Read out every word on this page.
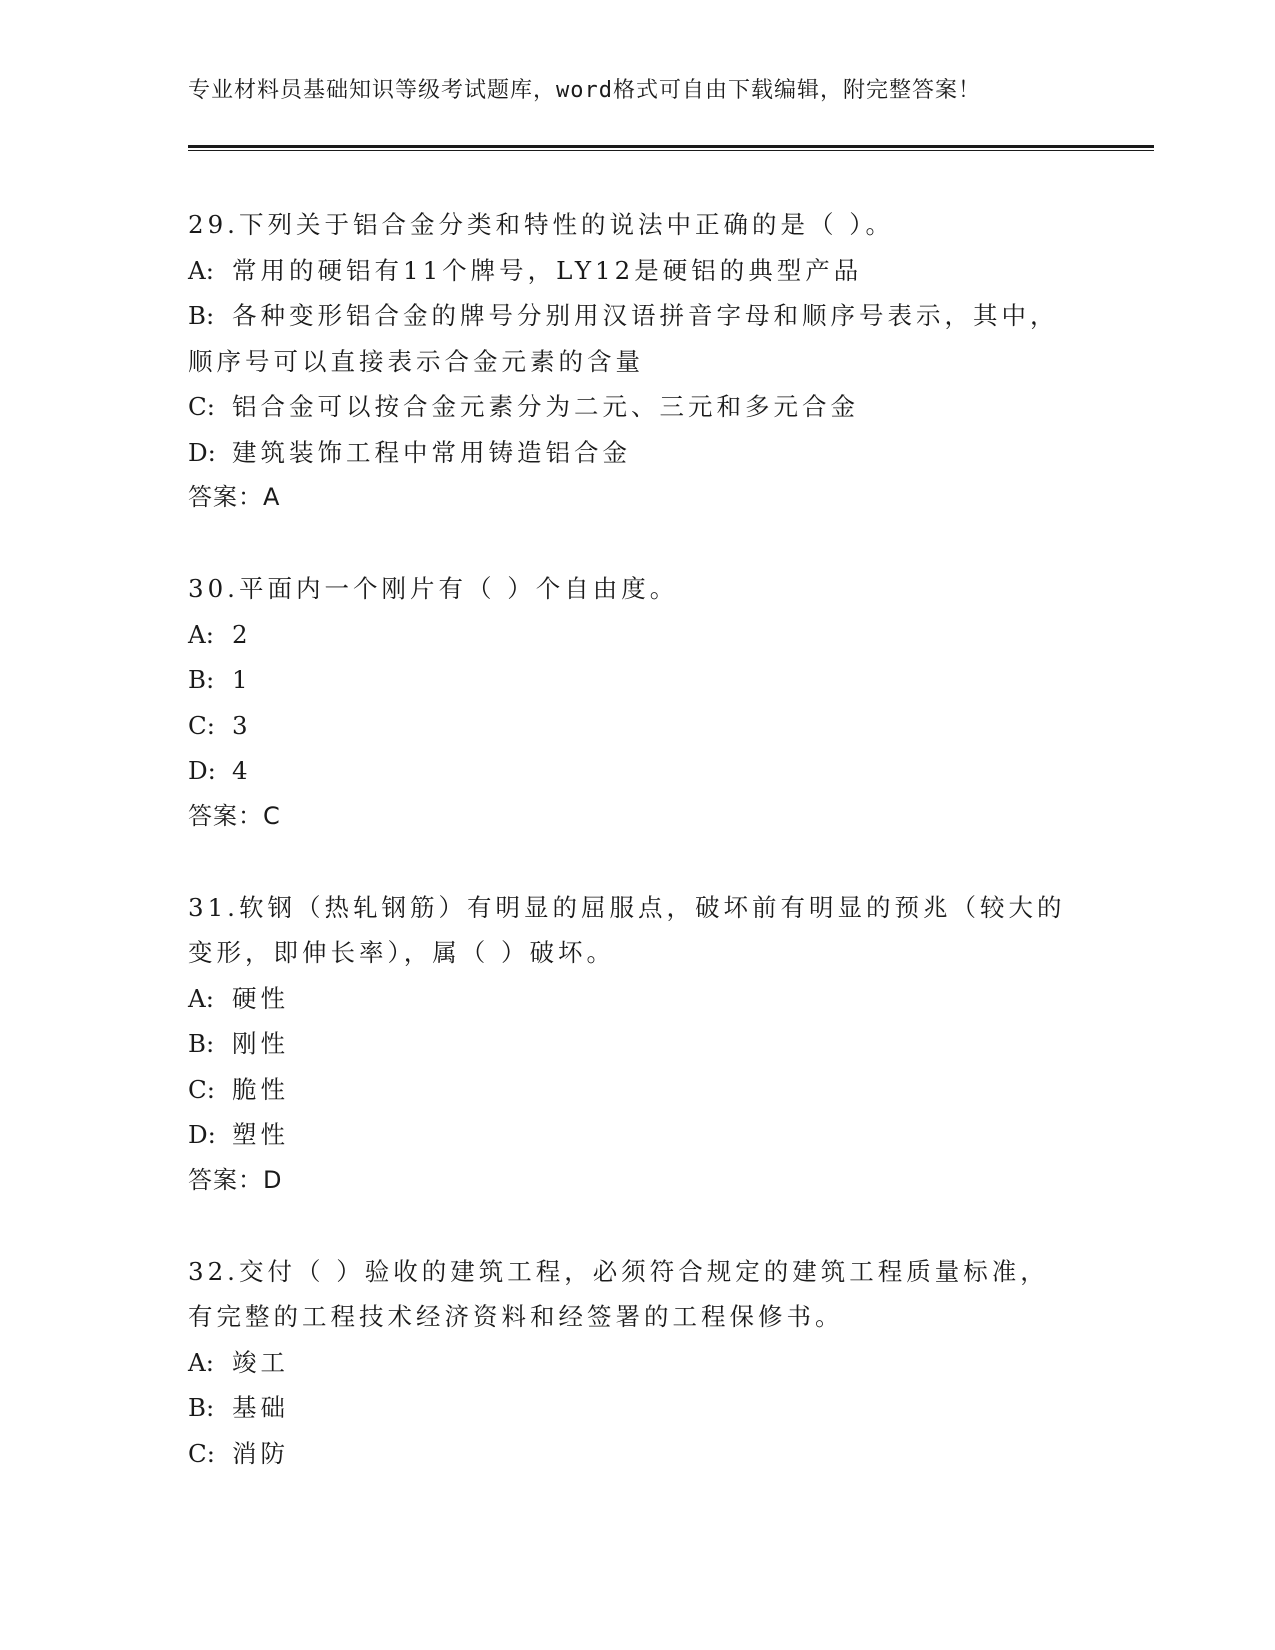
专业材料员基础知识等级考试题库，word格式可自由下载编辑，附完整答案！
29.下列关于铝合金分类和特性的说法中正确的是（ ）。
A: 常用的硬铝有11个牌号，LY12是硬铝的典型产品
B: 各种变形铝合金的牌号分别用汉语拼音字母和顺序号表示，其中，
顺序号可以直接表示合金元素的含量
C: 铝合金可以按合金元素分为二元、三元和多元合金
D: 建筑装饰工程中常用铸造铝合金
答案：A
30.平面内一个刚片有（ ）个自由度。
A: 2
B: 1
C: 3
D: 4
答案：C
31.软钢（热轧钢筋）有明显的屈服点，破坏前有明显的预兆（较大的
变形，即伸长率），属（ ）破坏。
A: 硬性
B: 刚性
C: 脆性
D: 塑性
答案：D
32.交付（ ）验收的建筑工程，必须符合规定的建筑工程质量标准，
有完整的工程技术经济资料和经签署的工程保修书。
A: 竣工
B: 基础
C: 消防
